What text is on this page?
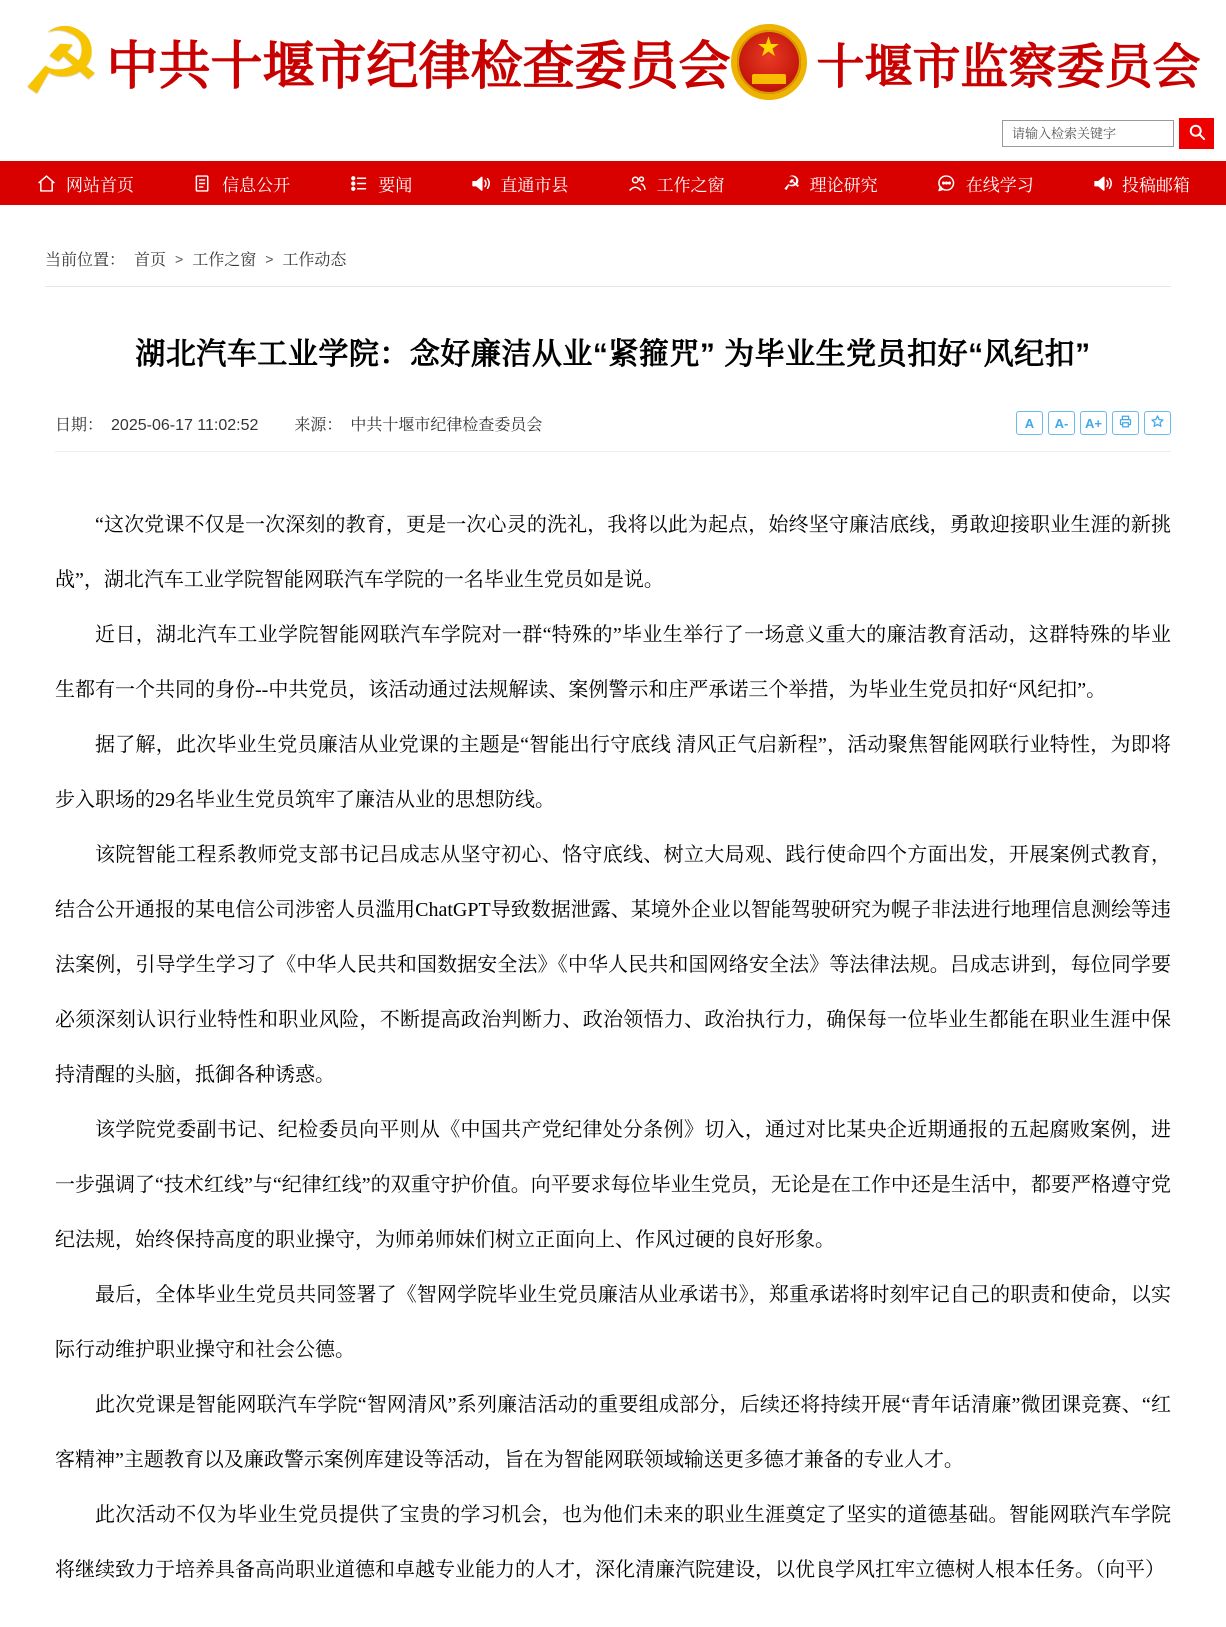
☭ 中共十堰市纪律检查委员会 ★ 十堰市监察委员会
请输入检索关键字
网站首页	信息公开	要闻	直通市县	工作之窗	☭ 理论研究	在线学习	投稿邮箱
当前位置： 首页 > 工作之窗 > 工作动态
湖北汽车工业学院：念好廉洁从业“紧箍咒” 为毕业生党员扣好“风纪扣”
日期： 2025-06-17 11:02:52 来源： 中共十堰市纪律检查委员会	A	A-	A+

“这次党课不仅是一次深刻的教育，更是一次心灵的洗礼，我将以此为起点，始终坚守廉洁底线，勇敢迎接职业生涯的新挑战”，湖北汽车工业学院智能网联汽车学院的一名毕业生党员如是说。

近日，湖北汽车工业学院智能网联汽车学院对一群“特殊的”毕业生举行了一场意义重大的廉洁教育活动，这群特殊的毕业生都有一个共同的身份--中共党员，该活动通过法规解读、案例警示和庄严承诺三个举措，为毕业生党员扣好“风纪扣”。

据了解，此次毕业生党员廉洁从业党课的主题是“智能出行守底线 清风正气启新程”，活动聚焦智能网联行业特性，为即将步入职场的29名毕业生党员筑牢了廉洁从业的思想防线。

该院智能工程系教师党支部书记吕成志从坚守初心、恪守底线、树立大局观、践行使命四个方面出发，开展案例式教育，结合公开通报的某电信公司涉密人员滥用ChatGPT导致数据泄露、某境外企业以智能驾驶研究为幌子非法进行地理信息测绘等违法案例，引导学生学习了《中华人民共和国数据安全法》《中华人民共和国网络安全法》等法律法规。吕成志讲到，每位同学要必须深刻认识行业特性和职业风险，不断提高政治判断力、政治领悟力、政治执行力，确保每一位毕业生都能在职业生涯中保持清醒的头脑，抵御各种诱惑。

该学院党委副书记、纪检委员向平则从《中国共产党纪律处分条例》切入，通过对比某央企近期通报的五起腐败案例，进一步强调了“技术红线”与“纪律红线”的双重守护价值。向平要求每位毕业生党员，无论是在工作中还是生活中，都要严格遵守党纪法规，始终保持高度的职业操守，为师弟师妹们树立正面向上、作风过硬的良好形象。

最后，全体毕业生党员共同签署了《智网学院毕业生党员廉洁从业承诺书》，郑重承诺将时刻牢记自己的职责和使命，以实际行动维护职业操守和社会公德。

此次党课是智能网联汽车学院“智网清风”系列廉洁活动的重要组成部分，后续还将持续开展“青年话清廉”微团课竞赛、“红客精神”主题教育以及廉政警示案例库建设等活动，旨在为智能网联领域输送更多德才兼备的专业人才。

此次活动不仅为毕业生党员提供了宝贵的学习机会，也为他们未来的职业生涯奠定了坚实的道德基础。智能网联汽车学院将继续致力于培养具备高尚职业道德和卓越专业能力的人才，深化清廉汽院建设，以优良学风扛牢立德树人根本任务。（向平）
